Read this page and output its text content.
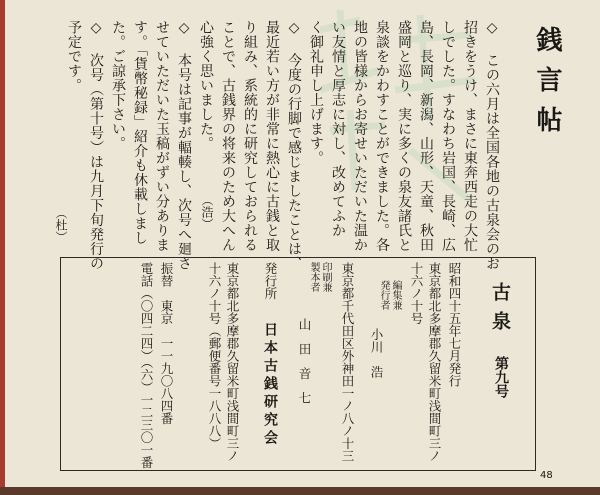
銭言帖
◇ この六月は全国各地の古泉会のお
招きをうけ、まさに東奔西走の大忙
しでした。すなわち岩国、長崎、広
島、長岡、新潟、山形、天童、秋田
盛岡と巡り、実に多くの泉友諸氏と
泉談をかわすことができました。各
地の皆様からお寄せいただいた温か
い友情と厚志に対し、改めてふか
く御礼申し上げます。
◇ 今度の行脚で感じましたことは、
最近若い方が非常に熱心に古銭と取
り組み、系統的に研究しておられる
ことで、古銭界の将来のため大へん
心強く思いました。
（浩）
◇ 本号は記事が輻輳し、次号へ廻さ
せていただいた玉稿がずい分ありま
す。「貨幣秘録」紹介も休載しまし
た。ご諒承下さい。
◇ 次号（第十号）は九月下旬発行の
予定です。
（杜）
古泉
第九号
昭和四十五年七月発行
東京都北多摩郡久留米町浅間町三ノ
十六ノ十号
編集兼
発行者
小川　浩
東京都千代田区外神田一ノ八ノ十三
印刷兼
製本者
山田音七
発行所
日本古銭研究会
東京都北多摩郡久留米町浅間町三ノ
十六ノ十号（郵便番号一八八八）
振替　東京　一一九〇八四番
電話（〇四二四）（六）一二三〇一番
48
